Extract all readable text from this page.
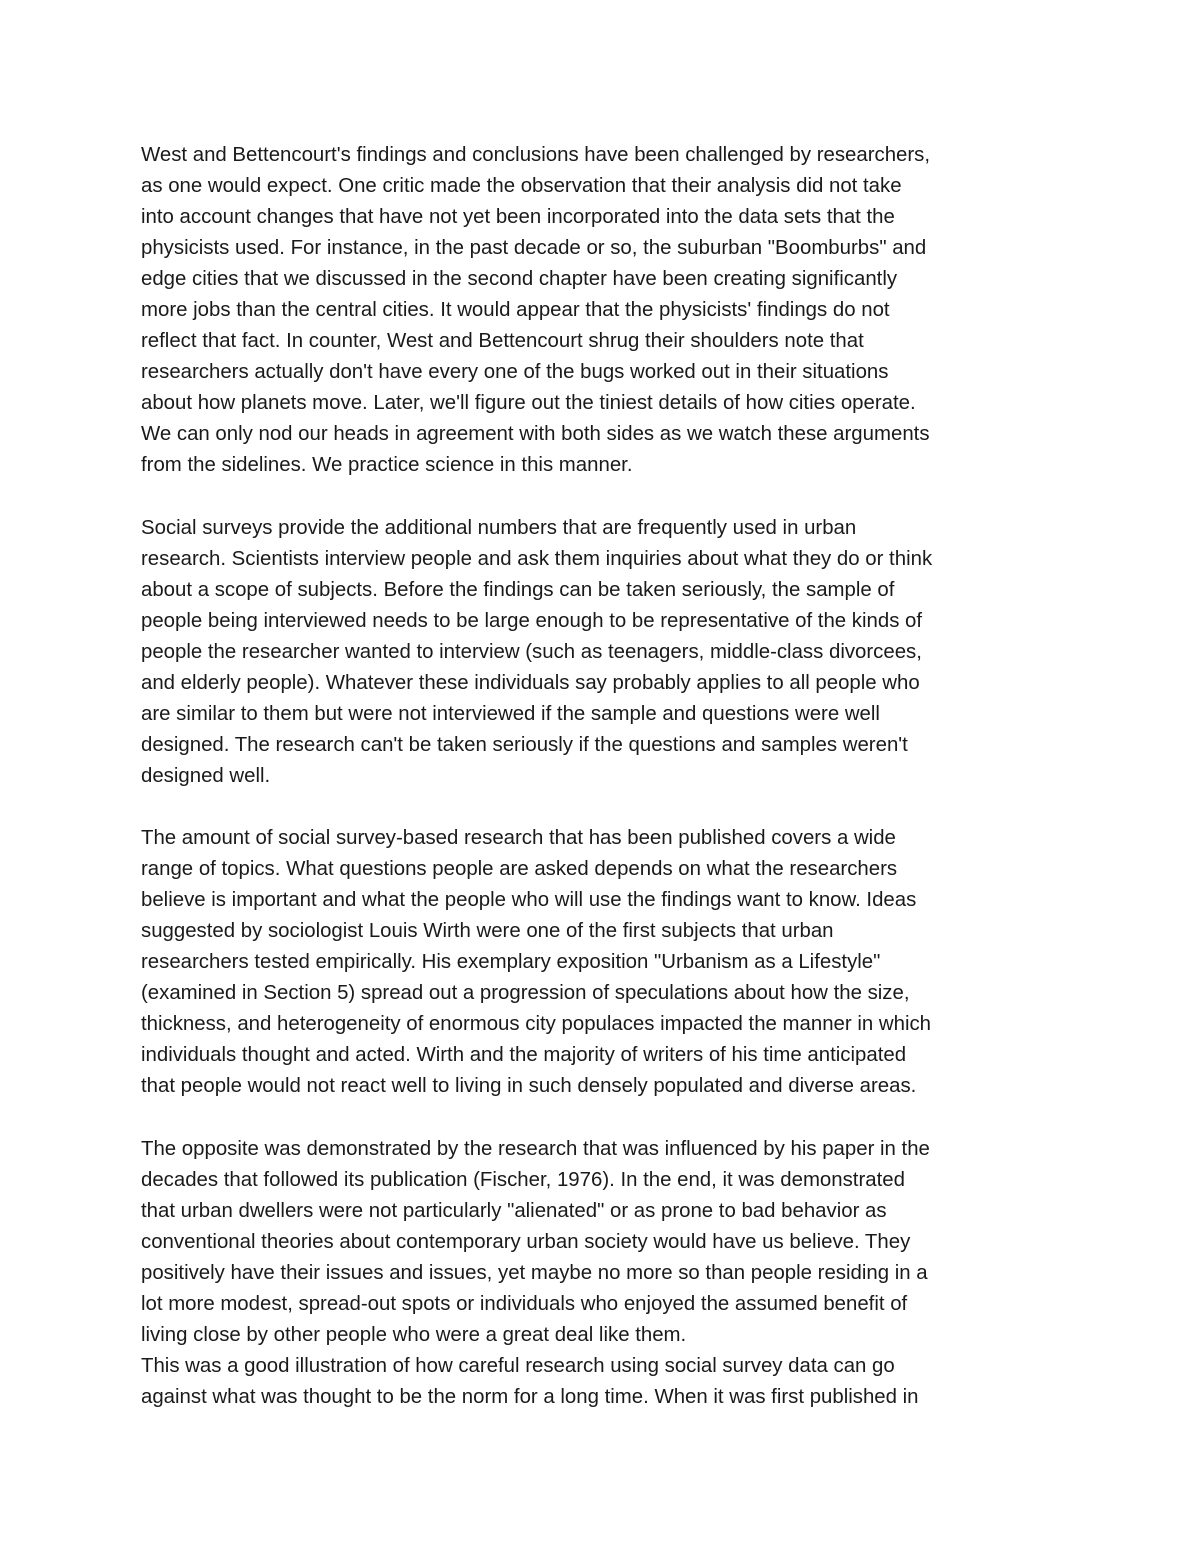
West and Bettencourt's findings and conclusions have been challenged by researchers,
as one would expect. One critic made the observation that their analysis did not take
into account changes that have not yet been incorporated into the data sets that the
physicists used. For instance, in the past decade or so, the suburban "Boomburbs" and
edge cities that we discussed in the second chapter have been creating significantly
more jobs than the central cities. It would appear that the physicists' findings do not
reflect that fact. In counter, West and Bettencourt shrug their shoulders note that
researchers actually don't have every one of the bugs worked out in their situations
about how planets move. Later, we'll figure out the tiniest details of how cities operate.
We can only nod our heads in agreement with both sides as we watch these arguments
from the sidelines. We practice science in this manner.
Social surveys provide the additional numbers that are frequently used in urban
research. Scientists interview people and ask them inquiries about what they do or think
about a scope of subjects. Before the findings can be taken seriously, the sample of
people being interviewed needs to be large enough to be representative of the kinds of
people the researcher wanted to interview (such as teenagers, middle-class divorcees,
and elderly people). Whatever these individuals say probably applies to all people who
are similar to them but were not interviewed if the sample and questions were well
designed. The research can't be taken seriously if the questions and samples weren't
designed well.
The amount of social survey-based research that has been published covers a wide
range of topics. What questions people are asked depends on what the researchers
believe is important and what the people who will use the findings want to know. Ideas
suggested by sociologist Louis Wirth were one of the first subjects that urban
researchers tested empirically. His exemplary exposition "Urbanism as a Lifestyle"
(examined in Section 5) spread out a progression of speculations about how the size,
thickness, and heterogeneity of enormous city populaces impacted the manner in which
individuals thought and acted. Wirth and the majority of writers of his time anticipated
that people would not react well to living in such densely populated and diverse areas.
The opposite was demonstrated by the research that was influenced by his paper in the
decades that followed its publication (Fischer, 1976). In the end, it was demonstrated
that urban dwellers were not particularly "alienated" or as prone to bad behavior as
conventional theories about contemporary urban society would have us believe. They
positively have their issues and issues, yet maybe no more so than people residing in a
lot more modest, spread-out spots or individuals who enjoyed the assumed benefit of
living close by other people who were a great deal like them.
This was a good illustration of how careful research using social survey data can go
against what was thought to be the norm for a long time. When it was first published in
